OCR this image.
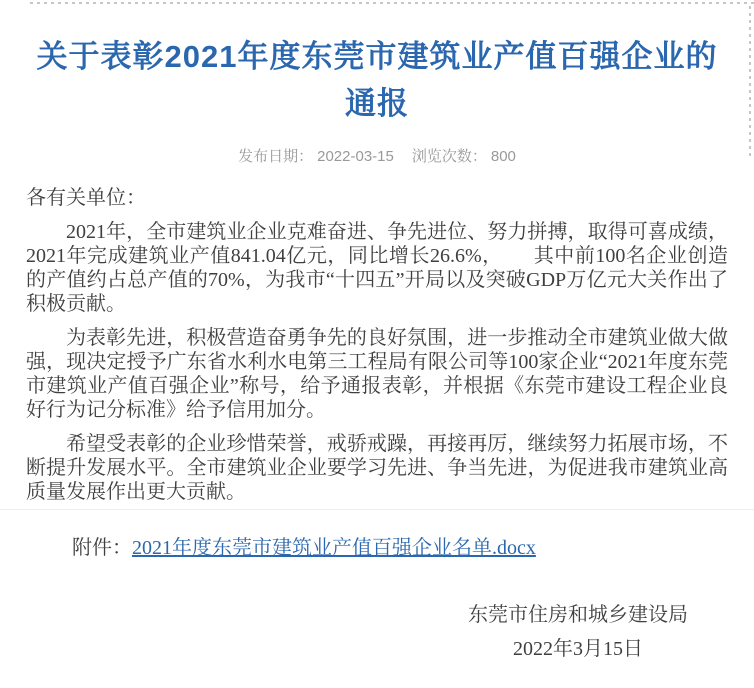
关于表彰2021年度东莞市建筑业产值百强企业的
通报
发布日期： 2022-03-15 浏览次数： 800

各有关单位：

2021年，全市建筑业企业克难奋进、争先进位、努力拼搏，取得可喜成绩，2021年完成建筑业产值841.04亿元，同比增长26.6%，　　其中前100名企业创造的产值约占总产值的70%，为我市“十四五”开局以及突破GDP万亿元大关作出了积极贡献。

为表彰先进，积极营造奋勇争先的良好氛围，进一步推动全市建筑业做大做强，现决定授予广东省水利水电第三工程局有限公司等100家企业“2021年度东莞市建筑业产值百强企业”称号，给予通报表彰，并根据《东莞市建设工程企业良好行为记分标准》给予信用加分。

希望受表彰的企业珍惜荣誉，戒骄戒躁，再接再厉，继续努力拓展市场，不断提升发展水平。全市建筑业企业要学习先进、争当先进，为促进我市建筑业高质量发展作出更大贡献。

附件：2021年度东莞市建筑业产值百强企业名单.docx
东莞市住房和城乡建设局
2022年3月15日
